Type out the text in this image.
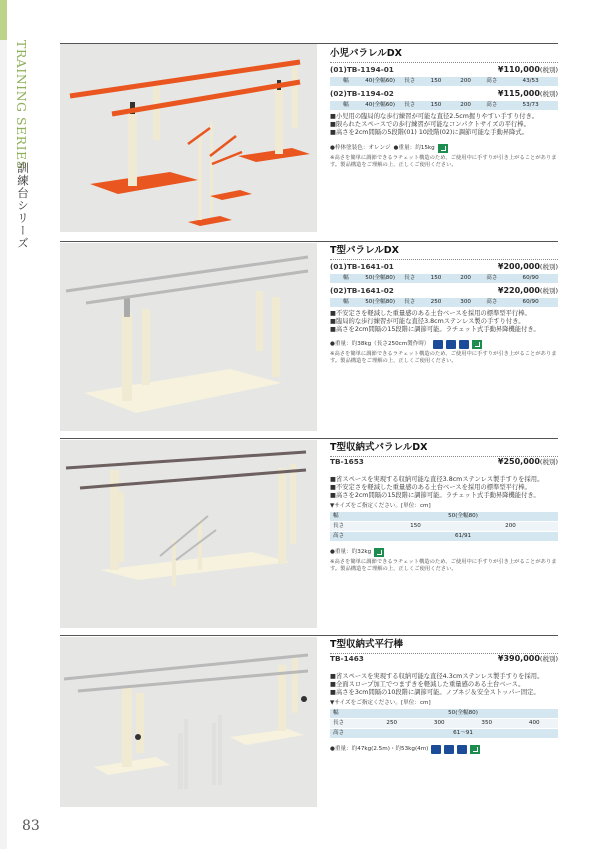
TRAINING SERIES
訓練台シリーズ
83
小児パラレルDX
(01)TB-1194-01	¥110,000(税別)
幅	40(全幅60)	長さ	150	200	高さ	43/53
(02)TB-1194-02	¥115,000(税別)
幅	40(全幅60)	長さ	150	200	高さ	53/73
■小児用の臨局的な歩行練習が可能な直径2.5cm握りやすい手すり付き。
■限られたスペースでの歩行練習が可能なコンパクトサイズの平行棒。
■高さを2cm間隔の5段階(01) 10段階(02)に調節可能な手動昇降式。
●枠体塗装色：オレンジ ●重量：約15kg
※高さを簡単に調節できるラチェット構造のため、ご使用中に手すりが引き上がることがあります。製品構造をご理解の上、正しくご使用ください。
T型パラレルDX
(01)TB-1641-01	¥200,000(税別)
幅	50(全幅80)	長さ	150	200	高さ	60/90
(02)TB-1641-02	¥220,000(税別)
幅	50(全幅80)	長さ	250	300	高さ	60/90
■不安定さを軽減した重量感のある土台ベースを採用の標準型平行棒。
■臨局的な歩行練習が可能な直径3.8cmステンレス製の手すり付き。
■高さを2cm間隔の15段階に調節可能。ラチェット式手動昇降機能付き。
●重量：約38kg（長さ250cm製作時）
※高さを簡単に調節できるラチェット構造のため、ご使用中に手すりが引き上がることがあります。製品構造をご理解の上、正しくご使用ください。
T型収納式パラレルDX
TB-1653	¥250,000(税別)
■省スペースを実現する収納可能な直径3.8cmステンレス製手すりを採用。
■不安定さを軽減した重量感のある土台ベースを採用の標準型平行棒。
■高さを2cm間隔の15段階に調節可能。ラチェット式手動昇降機能付き。
▼サイズをご指定ください。[単位：cm]
幅	50(全幅80)
長さ	150	200
高さ	61/91
●重量：約32kg
※高さを簡単に調節できるラチェット構造のため、ご使用中に手すりが引き上がることがあります。製品構造をご理解の上、正しくご使用ください。
T型収納式平行棒
TB-1463	¥390,000(税別)
■省スペースを実現する収納可能な直径4.3cmステンレス製手すりを採用。
■全面スロープ加工でつまずきを軽減した重量感のある土台ベース。
■高さを3cm間隔の10段階に調節可能。ノブネジ＆安全ストッパー固定。
▼サイズをご指定ください。[単位：cm]
幅	50(全幅80)
長さ	250	300	350	400
高さ	61〜91
●重量：約47kg(2.5m)・約53kg(4m)
